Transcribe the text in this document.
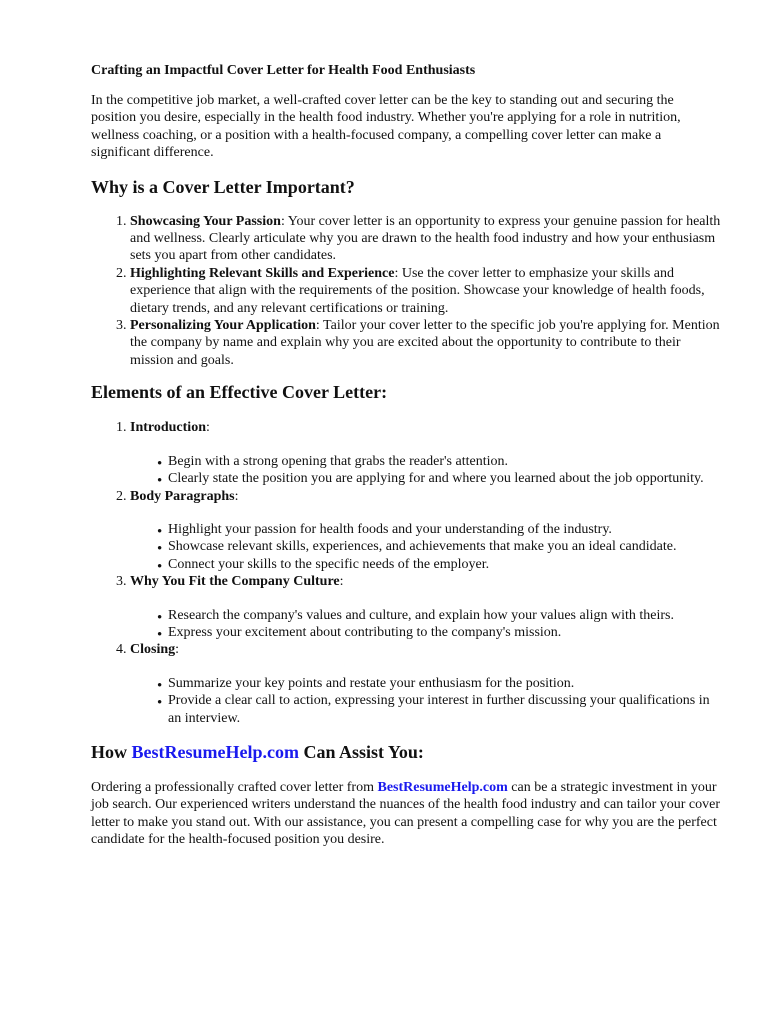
Crafting an Impactful Cover Letter for Health Food Enthusiasts

In the competitive job market, a well-crafted cover letter can be the key to standing out and securing the position you desire, especially in the health food industry. Whether you're applying for a role in nutrition, wellness coaching, or a position with a health-focused company, a compelling cover letter can make a significant difference.

Why is a Cover Letter Important?
1. Showcasing Your Passion: Your cover letter is an opportunity to express your genuine passion for health and wellness. Clearly articulate why you are drawn to the health food industry and how your enthusiasm sets you apart from other candidates.
2. Highlighting Relevant Skills and Experience: Use the cover letter to emphasize your skills and experience that align with the requirements of the position. Showcase your knowledge of health foods, dietary trends, and any relevant certifications or training.
3. Personalizing Your Application: Tailor your cover letter to the specific job you're applying for. Mention the company by name and explain why you are excited about the opportunity to contribute to their mission and goals.
Elements of an Effective Cover Letter:
1. Introduction:
• Begin with a strong opening that grabs the reader's attention.
• Clearly state the position you are applying for and where you learned about the job opportunity.
2. Body Paragraphs:
• Highlight your passion for health foods and your understanding of the industry.
• Showcase relevant skills, experiences, and achievements that make you an ideal candidate.
• Connect your skills to the specific needs of the employer.
3. Why You Fit the Company Culture:
• Research the company's values and culture, and explain how your values align with theirs.
• Express your excitement about contributing to the company's mission.
4. Closing:
• Summarize your key points and restate your enthusiasm for the position.
• Provide a clear call to action, expressing your interest in further discussing your qualifications in an interview.
How BestResumeHelp.com Can Assist You:

Ordering a professionally crafted cover letter from BestResumeHelp.com can be a strategic investment in your job search. Our experienced writers understand the nuances of the health food industry and can tailor your cover letter to make you stand out. With our assistance, you can present a compelling case for why you are the perfect candidate for the health-focused position you desire.
